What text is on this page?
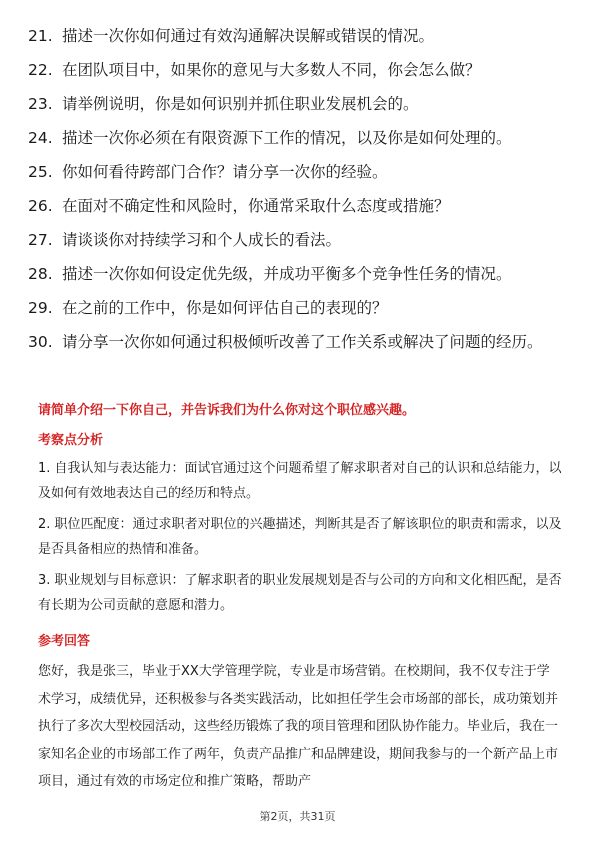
21. 描述一次你如何通过有效沟通解决误解或错误的情况。
22. 在团队项目中，如果你的意见与大多数人不同，你会怎么做？
23. 请举例说明，你是如何识别并抓住职业发展机会的。
24. 描述一次你必须在有限资源下工作的情况，以及你是如何处理的。
25. 你如何看待跨部门合作？请分享一次你的经验。
26. 在面对不确定性和风险时，你通常采取什么态度或措施？
27. 请谈谈你对持续学习和个人成长的看法。
28. 描述一次你如何设定优先级，并成功平衡多个竞争性任务的情况。
29. 在之前的工作中，你是如何评估自己的表现的？
30. 请分享一次你如何通过积极倾听改善了工作关系或解决了问题的经历。
请简单介绍一下你自己，并告诉我们为什么你对这个职位感兴趣。
考察点分析
1. 自我认知与表达能力：面试官通过这个问题希望了解求职者对自己的认识和总结能力，以及如何有效地表达自己的经历和特点。
2. 职位匹配度：通过求职者对职位的兴趣描述，判断其是否了解该职位的职责和需求，以及是否具备相应的热情和准备。
3. 职业规划与目标意识：了解求职者的职业发展规划是否与公司的方向和文化相匹配，是否有长期为公司贡献的意愿和潜力。
参考回答

您好，我是张三，毕业于XX大学管理学院，专业是市场营销。在校期间，我不仅专注于学术学习，成绩优异，还积极参与各类实践活动，比如担任学生会市场部的部长，成功策划并执行了多次大型校园活动，这些经历锻炼了我的项目管理和团队协作能力。毕业后，我在一家知名企业的市场部工作了两年，负责产品推广和品牌建设，期间我参与的一个新产品上市项目，通过有效的市场定位和推广策略，帮助产

第2页，共31页
